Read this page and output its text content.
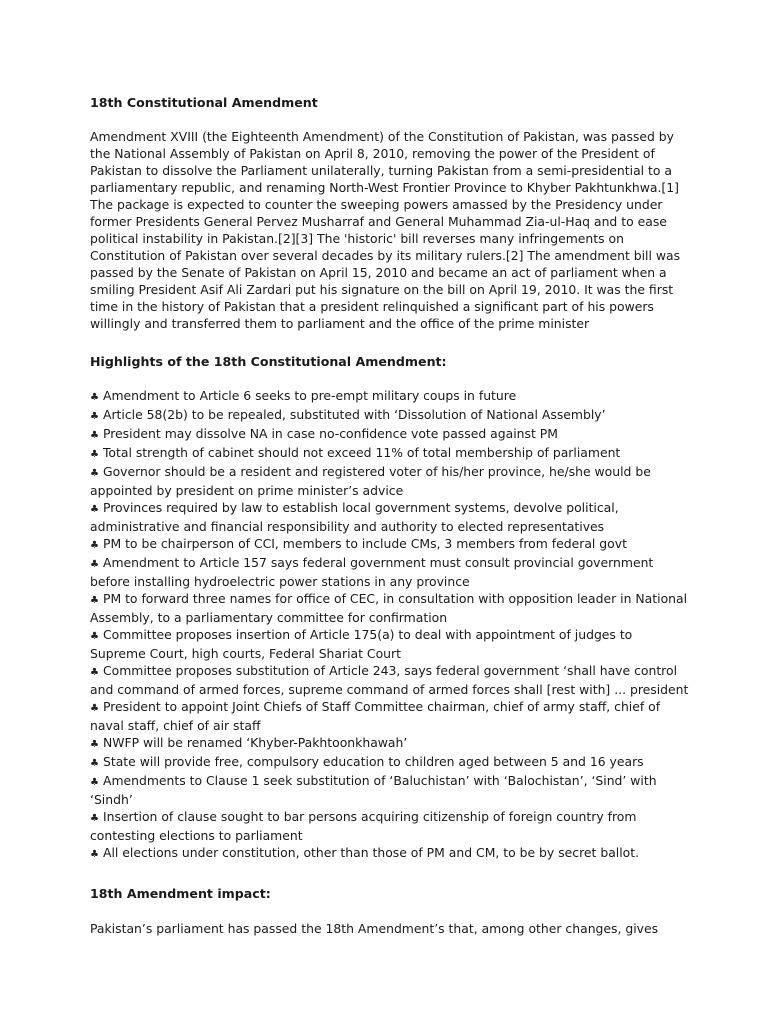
18th Constitutional Amendment

Amendment XVIII (the Eighteenth Amendment) of the Constitution of Pakistan, was passed by the National Assembly of Pakistan on April 8, 2010, removing the power of the President of Pakistan to dissolve the Parliament unilaterally, turning Pakistan from a semi-presidential to a parliamentary republic, and renaming North-West Frontier Province to Khyber Pakhtunkhwa.[1] The package is expected to counter the sweeping powers amassed by the Presidency under former Presidents General Pervez Musharraf and General Muhammad Zia-ul-Haq and to ease political instability in Pakistan.[2][3] The 'historic' bill reverses many infringements on Constitution of Pakistan over several decades by its military rulers.[2] The amendment bill was passed by the Senate of Pakistan on April 15, 2010 and became an act of parliament when a smiling President Asif Ali Zardari put his signature on the bill on April 19, 2010. It was the first time in the history of Pakistan that a president relinquished a significant part of his powers willingly and transferred them to parliament and the office of the prime minister

Highlights of the 18th Constitutional Amendment:
♣ Amendment to Article 6 seeks to pre-empt military coups in future
♣ Article 58(2b) to be repealed, substituted with ‘Dissolution of National Assembly’
♣ President may dissolve NA in case no-confidence vote passed against PM
♣ Total strength of cabinet should not exceed 11% of total membership of parliament
♣ Governor should be a resident and registered voter of his/her province, he/she would be appointed by president on prime minister’s advice
♣ Provinces required by law to establish local government systems, devolve political, administrative and financial responsibility and authority to elected representatives
♣ PM to be chairperson of CCI, members to include CMs, 3 members from federal govt
♣ Amendment to Article 157 says federal government must consult provincial government before installing hydroelectric power stations in any province
♣ PM to forward three names for office of CEC, in consultation with opposition leader in National Assembly, to a parliamentary committee for confirmation
♣ Committee proposes insertion of Article 175(a) to deal with appointment of judges to Supreme Court, high courts, Federal Shariat Court
♣ Committee proposes substitution of Article 243, says federal government ‘shall have control and command of armed forces, supreme command of armed forces shall [rest with] ... president
♣ President to appoint Joint Chiefs of Staff Committee chairman, chief of army staff, chief of naval staff, chief of air staff
♣ NWFP will be renamed ‘Khyber-Pakhtoonkhawah’
♣ State will provide free, compulsory education to children aged between 5 and 16 years
♣ Amendments to Clause 1 seek substitution of ‘Baluchistan’ with ‘Balochistan’, ‘Sind’ with ‘Sindh’
♣ Insertion of clause sought to bar persons acquiring citizenship of foreign country from contesting elections to parliament
♣ All elections under constitution, other than those of PM and CM, to be by secret ballot.
18th Amendment impact:

Pakistan’s parliament has passed the 18th Amendment’s that, among other changes, gives
